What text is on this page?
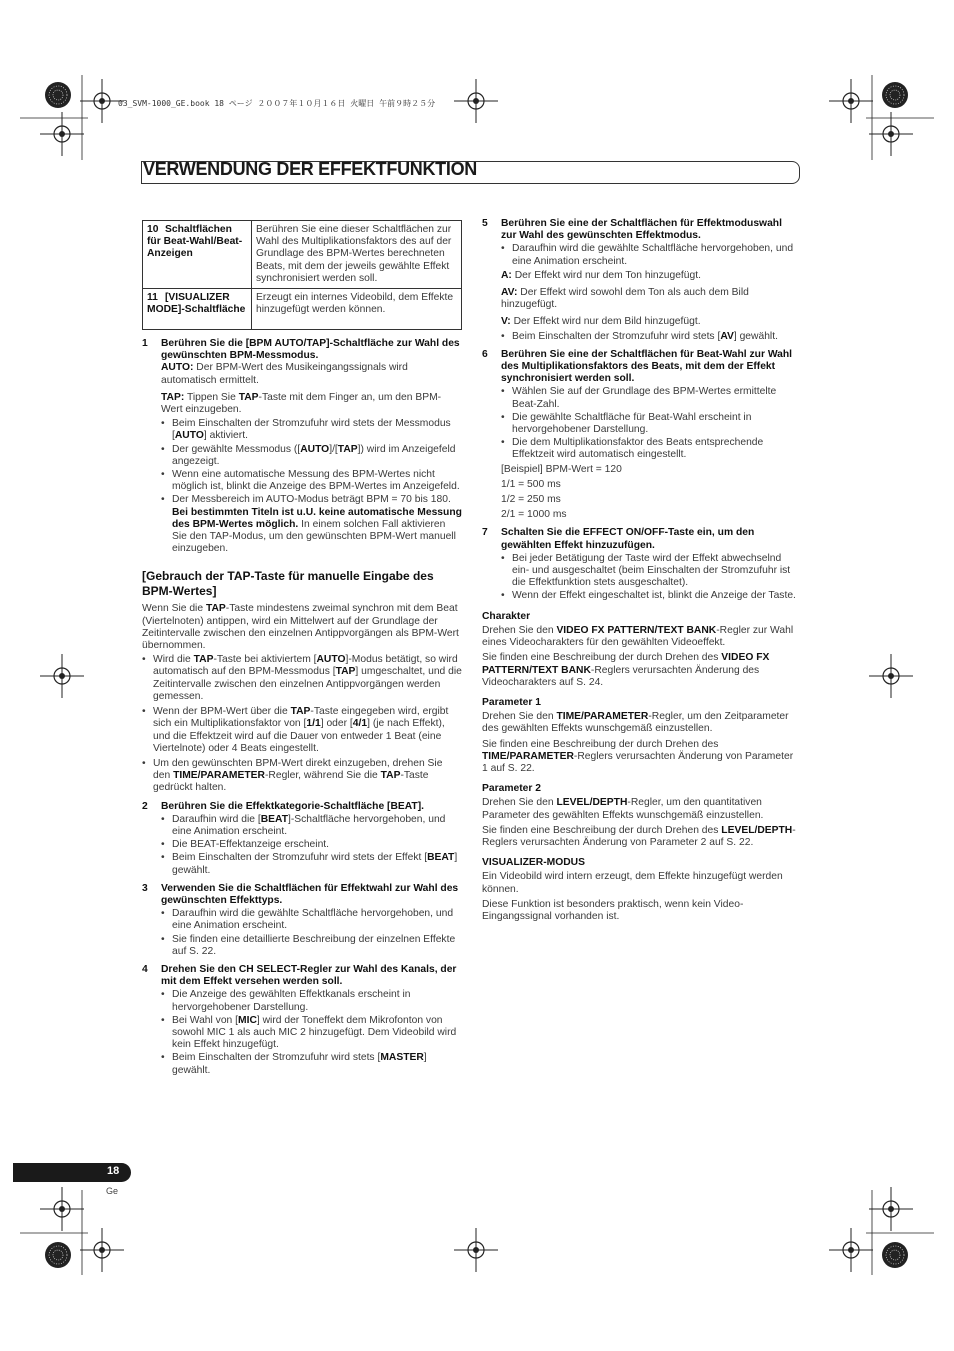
03_SVM-1000_GE.book 18 ページ ２００７年１０月１６日 火曜日 午前９時２５分
VERWENDUNG DER EFFEKTFUNKTION
10 Schaltflächen für Beat-Wahl/Beat-Anzeigen	Berühren Sie eine dieser Schaltflächen zur Wahl des Multiplikationsfaktors des auf der Grundlage des BPM-Wertes berechneten Beats, mit dem der jeweils gewählte Effekt synchronisiert werden soll.
11 [VISUALIZER MODE]-Schaltfläche	Erzeugt ein internes Videobild, dem Effekte hinzugefügt werden können.
1	Berühren Sie die [BPM AUTO/TAP]-Schaltfläche zur Wahl des gewünschten BPM-Messmodus.

AUTO: Der BPM-Wert des Musikeingangssignals wird automatisch ermittelt.

TAP: Tippen Sie TAP-Taste mit dem Finger an, um den BPM-Wert einzugeben.

• Beim Einschalten der Stromzufuhr wird stets der Messmodus [AUTO] aktiviert.
• Der gewählte Messmodus ([AUTO]/[TAP]) wird im Anzeigefeld angezeigt.
• Wenn eine automatische Messung des BPM-Wertes nicht möglich ist, blinkt die Anzeige des BPM-Wertes im Anzeigefeld.
• Der Messbereich im AUTO-Modus beträgt BPM = 70 bis 180. Bei bestimmten Titeln ist u.U. keine automatische Messung des BPM-Wertes möglich. In einem solchen Fall aktivieren Sie den TAP-Modus, um den gewünschten BPM-Wert manuell einzugeben.
[Gebrauch der TAP-Taste für manuelle Eingabe des BPM-Wertes]

Wenn Sie die TAP-Taste mindestens zweimal synchron mit dem Beat (Viertelnoten) antippen, wird ein Mittelwert auf der Grundlage der Zeitintervalle zwischen den einzelnen Antippvorgängen als BPM-Wert übernommen.

• Wird die TAP-Taste bei aktiviertem [AUTO]-Modus betätigt, so wird automatisch auf den BPM-Messmodus [TAP] umgeschaltet, und die Zeitintervalle zwischen den einzelnen Antippvorgängen werden gemessen.
• Wenn der BPM-Wert über die TAP-Taste eingegeben wird, ergibt sich ein Multiplikationsfaktor von [1/1] oder [4/1] (je nach Effekt), und die Effektzeit wird auf die Dauer von entweder 1 Beat (eine Viertelnote) oder 4 Beats eingestellt.
• Um den gewünschten BPM-Wert direkt einzugeben, drehen Sie den TIME/PARAMETER-Regler, während Sie die TAP-Taste gedrückt halten.
2	Berühren Sie die Effektkategorie-Schaltfläche [BEAT].
• Daraufhin wird die [BEAT]-Schaltfläche hervorgehoben, und eine Animation erscheint.
• Die BEAT-Effektanzeige erscheint.
• Beim Einschalten der Stromzufuhr wird stets der Effekt [BEAT] gewählt.
3	Verwenden Sie die Schaltflächen für Effektwahl zur Wahl des gewünschten Effekttyps.
• Daraufhin wird die gewählte Schaltfläche hervorgehoben, und eine Animation erscheint.
• Sie finden eine detaillierte Beschreibung der einzelnen Effekte auf S. 22.
4	Drehen Sie den CH SELECT-Regler zur Wahl des Kanals, der mit dem Effekt versehen werden soll.
• Die Anzeige des gewählten Effektkanals erscheint in hervorgehobener Darstellung.
• Bei Wahl von [MIC] wird der Toneffekt dem Mikrofonton von sowohl MIC 1 als auch MIC 2 hinzugefügt. Dem Videobild wird kein Effekt hinzugefügt.
• Beim Einschalten der Stromzufuhr wird stets [MASTER] gewählt.
5	Berühren Sie eine der Schaltflächen für Effektmoduswahl zur Wahl des gewünschten Effektmodus.
• Daraufhin wird die gewählte Schaltfläche hervorgehoben, und eine Animation erscheint.

A: Der Effekt wird nur dem Ton hinzugefügt.

AV: Der Effekt wird sowohl dem Ton als auch dem Bild hinzugefügt.

V: Der Effekt wird nur dem Bild hinzugefügt.

• Beim Einschalten der Stromzufuhr wird stets [AV] gewählt.
6	Berühren Sie eine der Schaltflächen für Beat-Wahl zur Wahl des Multiplikationsfaktors des Beats, mit dem der Effekt synchronisiert werden soll.
• Wählen Sie auf der Grundlage des BPM-Wertes ermittelte Beat-Zahl.
• Die gewählte Schaltfläche für Beat-Wahl erscheint in hervorgehobener Darstellung.
• Die dem Multiplikationsfaktor des Beats entsprechende Effektzeit wird automatisch eingestellt.

[Beispiel] BPM-Wert = 120

1/1 = 500 ms

1/2 = 250 ms

2/1 = 1000 ms

7	Schalten Sie die EFFECT ON/OFF-Taste ein, um den gewählten Effekt hinzuzufügen.
• Bei jeder Betätigung der Taste wird der Effekt abwechselnd ein- und ausgeschaltet (beim Einschalten der Stromzufuhr ist die Effektfunktion stets ausgeschaltet).
• Wenn der Effekt eingeschaltet ist, blinkt die Anzeige der Taste.
Charakter

Drehen Sie den VIDEO FX PATTERN/TEXT BANK-Regler zur Wahl eines Videocharakters für den gewählten Videoeffekt.

Sie finden eine Beschreibung der durch Drehen des VIDEO FX PATTERN/TEXT BANK-Reglers verursachten Änderung des Videocharakters auf S. 24.

Parameter 1

Drehen Sie den TIME/PARAMETER-Regler, um den Zeitparameter des gewählten Effekts wunschgemäß einzustellen.

Sie finden eine Beschreibung der durch Drehen des TIME/PARAMETER-Reglers verursachten Änderung von Parameter 1 auf S. 22.

Parameter 2

Drehen Sie den LEVEL/DEPTH-Regler, um den quantitativen Parameter des gewählten Effekts wunschgemäß einzustellen.

Sie finden eine Beschreibung der durch Drehen des LEVEL/DEPTH-Reglers verursachten Änderung von Parameter 2 auf S. 22.

VISUALIZER-MODUS

Ein Videobild wird intern erzeugt, dem Effekte hinzugefügt werden können.

Diese Funktion ist besonders praktisch, wenn kein Video-Eingangssignal vorhanden ist.

18
Ge
